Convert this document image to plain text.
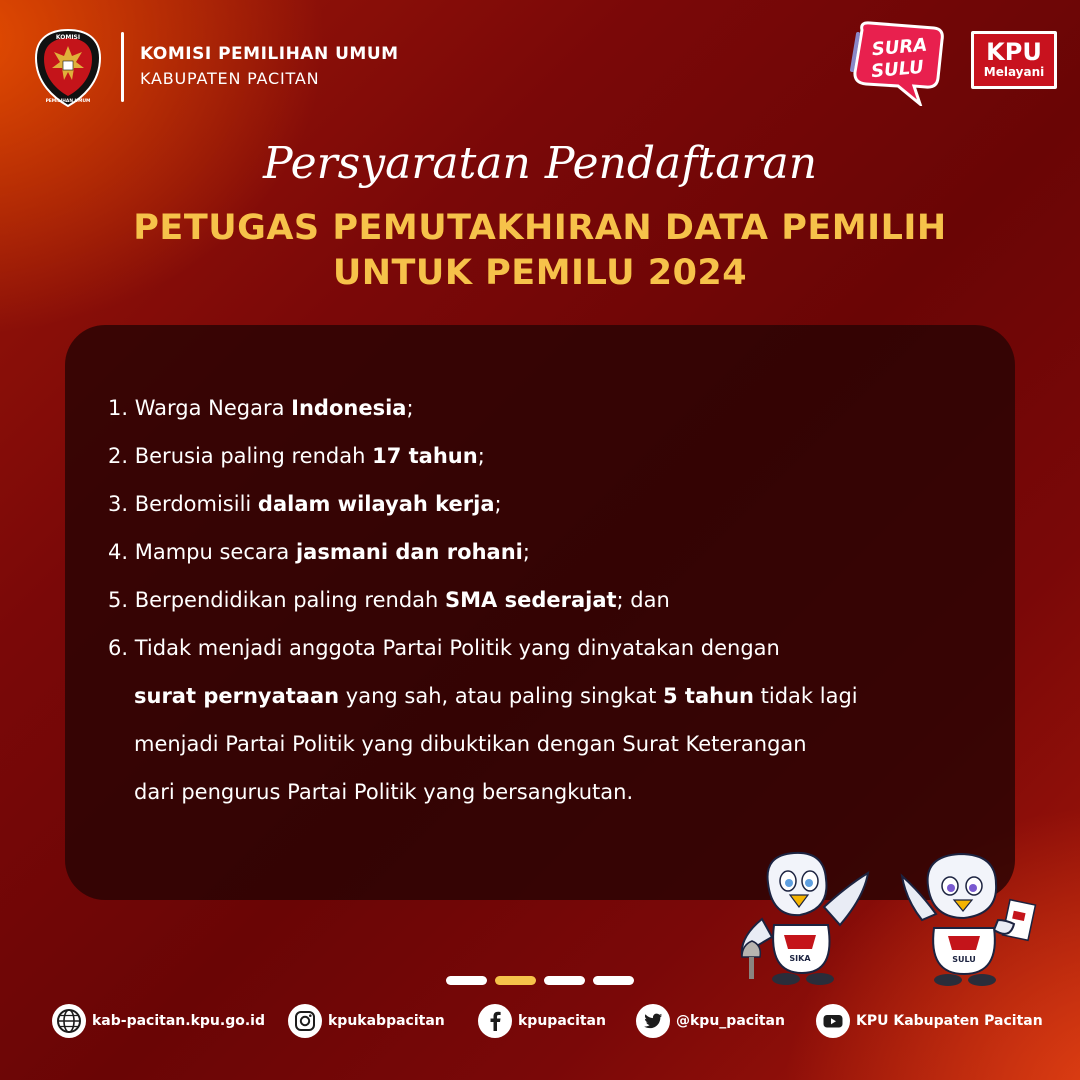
KOMISI
PEMILIHAN UMUM
KOMISI PEMILIHAN UMUM
KABUPATEN PACITAN
SURA
SULU
KPU
Melayani
Persyaratan Pendaftaran
PETUGAS PEMUTAKHIRAN DATA PEMILIH
UNTUK PEMILU 2024
1. Warga Negara Indonesia;
2. Berusia paling rendah 17 tahun;
3. Berdomisili dalam wilayah kerja;
4. Mampu secara jasmani dan rohani;
5. Berpendidikan paling rendah SMA sederajat; dan
6. Tidak menjadi anggota Partai Politik yang dinyatakan dengan
surat pernyataan yang sah, atau paling singkat 5 tahun tidak lagi
menjadi Partai Politik yang dibuktikan dengan Surat Keterangan
dari pengurus Partai Politik yang bersangkutan.
SIKA	SULU
kab-pacitan.kpu.go.id	kpukabpacitan	kpupacitan	@kpu_pacitan	KPU Kabupaten Pacitan
